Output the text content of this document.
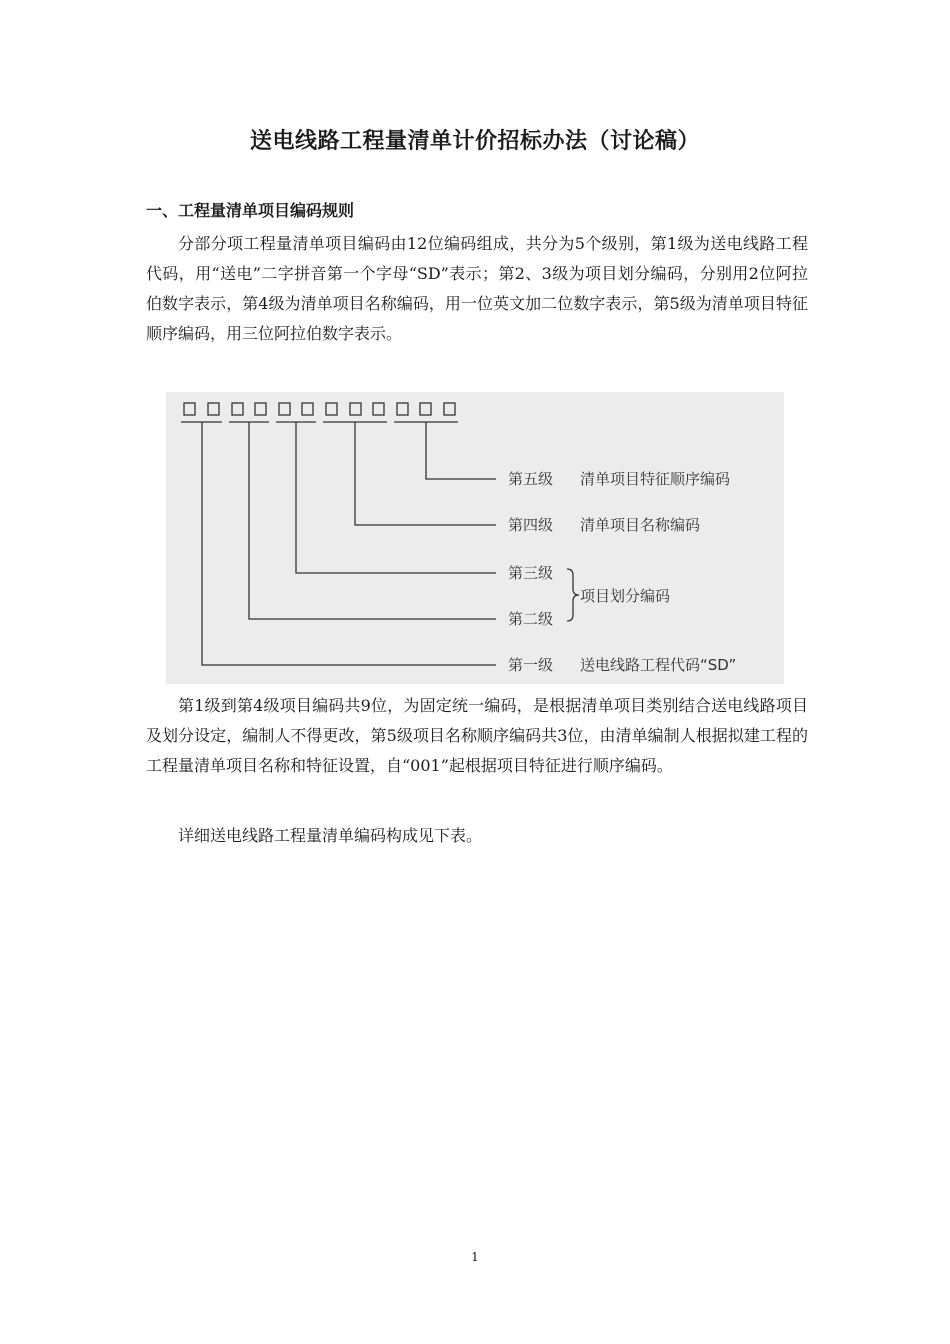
送电线路工程量清单计价招标办法（讨论稿）
一、工程量清单项目编码规则

分部分项工程量清单项目编码由12位编码组成，共分为5个级别，第1级为送电线路工程代码，用“送电”二字拼音第一个字母“SD”表示；第2、3级为项目划分编码，分别用2位阿拉伯数字表示，第4级为清单项目名称编码，用一位英文加二位数字表示，第5级为清单项目特征顺序编码，用三位阿拉伯数字表示。

第五级 清单项目特征顺序编码
第四级 清单项目名称编码
第三级
项目划分编码
第二级
第一级 送电线路工程代码“SD”

第1级到第4级项目编码共9位，为固定统一编码，是根据清单项目类别结合送电线路项目及划分设定，编制人不得更改，第5级项目名称顺序编码共3位，由清单编制人根据拟建工程的工程量清单项目名称和特征设置，自“001”起根据项目特征进行顺序编码。

详细送电线路工程量清单编码构成见下表。

1
